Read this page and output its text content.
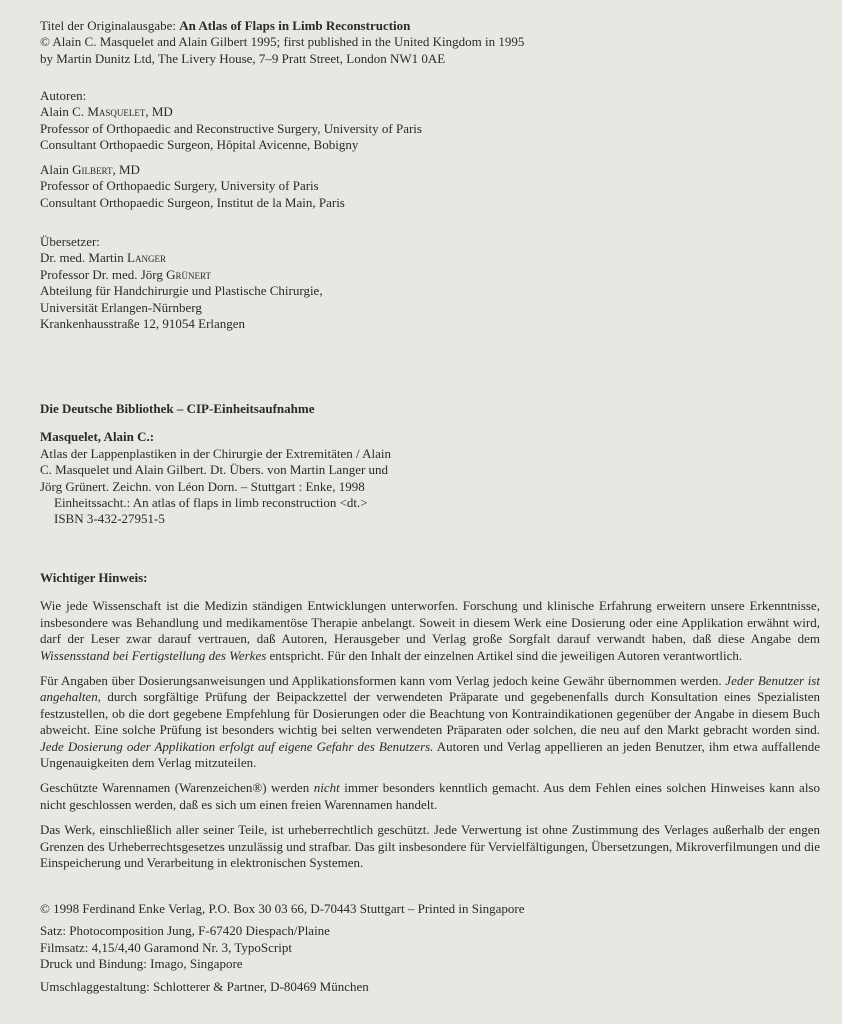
Titel der Originalausgabe: An Atlas of Flaps in Limb Reconstruction
© Alain C. Masquelet and Alain Gilbert 1995; first published in the United Kingdom in 1995
by Martin Dunitz Ltd, The Livery House, 7–9 Pratt Street, London NW1 0AE
Autoren:
Alain C. Masquelet, MD
Professor of Orthopaedic and Reconstructive Surgery, University of Paris
Consultant Orthopaedic Surgeon, Hôpital Avicenne, Bobigny
Alain Gilbert, MD
Professor of Orthopaedic Surgery, University of Paris
Consultant Orthopaedic Surgeon, Institut de la Main, Paris
Übersetzer:
Dr. med. Martin Langer
Professor Dr. med. Jörg Grünert
Abteilung für Handchirurgie und Plastische Chirurgie,
Universität Erlangen-Nürnberg
Krankenhausstraße 12, 91054 Erlangen
Die Deutsche Bibliothek – CIP-Einheitsaufnahme
Masquelet, Alain C.:
Atlas der Lappenplastiken in der Chirurgie der Extremitäten / Alain
C. Masquelet und Alain Gilbert. Dt. Übers. von Martin Langer und
Jörg Grünert. Zeichn. von Léon Dorn. – Stuttgart : Enke, 1998
Einheitssacht.: An atlas of flaps in limb reconstruction <dt.>
ISBN 3-432-27951-5
Wichtiger Hinweis:

Wie jede Wissenschaft ist die Medizin ständigen Entwicklungen unterworfen. Forschung und klinische Erfahrung erweitern unsere Erkenntnisse, insbesondere was Behandlung und medikamentöse Therapie anbelangt. Soweit in diesem Werk eine Dosierung oder eine Applikation erwähnt wird, darf der Leser zwar darauf vertrauen, daß Autoren, Herausgeber und Verlag große Sorgfalt darauf verwandt haben, daß diese Angabe dem Wissensstand bei Fertigstellung des Werkes entspricht. Für den Inhalt der einzelnen Artikel sind die jeweiligen Autoren verantwortlich.

Für Angaben über Dosierungsanweisungen und Applikationsformen kann vom Verlag jedoch keine Gewähr übernommen werden. Jeder Benutzer ist angehalten, durch sorgfältige Prüfung der Beipackzettel der verwendeten Präparate und gegebenenfalls durch Konsultation eines Spezialisten festzustellen, ob die dort gegebene Empfehlung für Dosierungen oder die Beachtung von Kontraindikationen gegenüber der Angabe in diesem Buch abweicht. Eine solche Prüfung ist besonders wichtig bei selten verwendeten Präparaten oder solchen, die neu auf den Markt gebracht worden sind. Jede Dosierung oder Applikation erfolgt auf eigene Gefahr des Benutzers. Autoren und Verlag appellieren an jeden Benutzer, ihm etwa auffallende Ungenauigkeiten dem Verlag mitzuteilen.

Geschützte Warennamen (Warenzeichen®) werden nicht immer besonders kenntlich gemacht. Aus dem Fehlen eines solchen Hinweises kann also nicht geschlossen werden, daß es sich um einen freien Warennamen handelt.

Das Werk, einschließlich aller seiner Teile, ist urheberrechtlich geschützt. Jede Verwertung ist ohne Zustimmung des Verlages außerhalb der engen Grenzen des Urheberrechtsgesetzes unzulässig und strafbar. Das gilt insbesondere für Vervielfältigungen, Übersetzungen, Mikroverfilmungen und die Einspeicherung und Verarbeitung in elektronischen Systemen.

© 1998 Ferdinand Enke Verlag, P.O. Box 30 03 66, D-70443 Stuttgart – Printed in Singapore
Satz: Photocomposition Jung, F-67420 Diespach/Plaine
Filmsatz: 4,15/4,40 Garamond Nr. 3, TypoScript
Druck und Bindung: Imago, Singapore
Umschlaggestaltung: Schlotterer & Partner, D-80469 München
